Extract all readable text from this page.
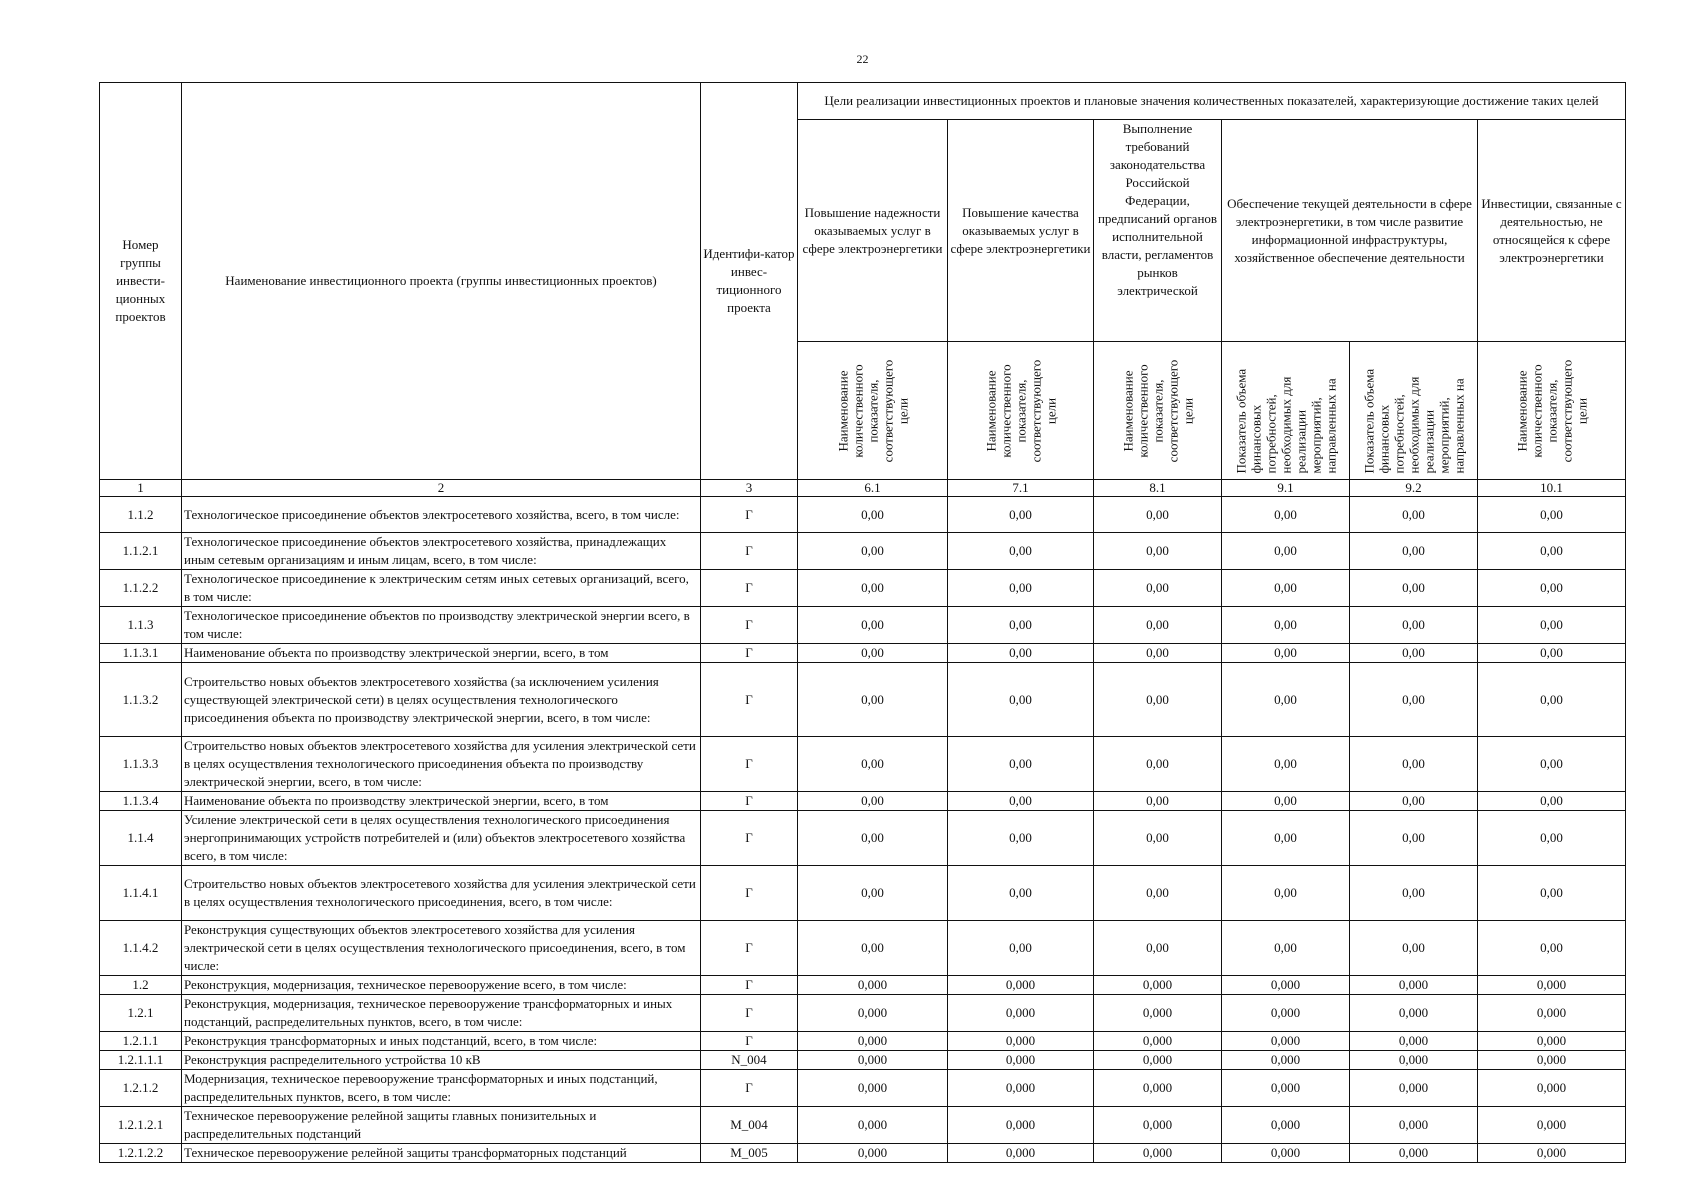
22
Номер группы инвести-ционных проектов	Наименование инвестиционного проекта (группы инвестиционных проектов)	Идентифи-катор инвес-тиционного проекта	Цели реализации инвестиционных проектов и плановые значения количественных показателей, характеризующие достижение таких целей					
			Повышение надежности оказываемых услуг в сфере электроэнергетики	Повышение качества оказываемых услуг в сфере электроэнергетики	Выполнение требований законодательства Российской Федерации, предписаний органов исполнительной власти, регламентов рынков электрической	Обеспечение текущей деятельности в сфере электроэнергетики, в том числе развитие информационной инфраструктуры, хозяйственное обеспечение деятельности		Инвестиции, связанные с деятельностью, не относящейся к сфере электроэнергетики

			Наименование количественного показателя, соответствующего цели	Наименование количественного показателя, соответствующего цели	Наименование количественного показателя, соответствующего цели	Показатель объема финансовых потребностей, необходимых для реализации мероприятий, направленных на	Показатель объема финансовых потребностей, необходимых для реализации мероприятий, направленных на	Наименование количественного показателя, соответствующего цели

1	2	3	6.1	7.1	8.1	9.1	9.2	10.1
1.1.2	Технологическое присоединение объектов электросетевого хозяйства, всего, в том числе:	Г	0,00	0,00	0,00	0,00	0,00	0,00
1.1.2.1	Технологическое присоединение объектов электросетевого хозяйства, принадлежащих иным сетевым организациям и иным лицам, всего, в том числе:	Г	0,00	0,00	0,00	0,00	0,00	0,00
1.1.2.2	Технологическое присоединение к электрическим сетям иных сетевых организаций, всего, в том числе:	Г	0,00	0,00	0,00	0,00	0,00	0,00
1.1.3	Технологическое присоединение объектов по производству электрической энергии всего, в том числе:	Г	0,00	0,00	0,00	0,00	0,00	0,00
1.1.3.1	Наименование объекта по производству электрической энергии, всего, в том	Г	0,00	0,00	0,00	0,00	0,00	0,00
1.1.3.2	Строительство новых объектов электросетевого хозяйства (за исключением усиления существующей электрической сети) в целях осуществления технологического присоединения объекта по производству электрической энергии, всего, в том числе:	Г	0,00	0,00	0,00	0,00	0,00	0,00
1.1.3.3	Строительство новых объектов электросетевого хозяйства для усиления электрической сети в целях осуществления технологического присоединения объекта по производству электрической энергии, всего, в том числе:	Г	0,00	0,00	0,00	0,00	0,00	0,00
1.1.3.4	Наименование объекта по производству электрической энергии, всего, в том	Г	0,00	0,00	0,00	0,00	0,00	0,00
1.1.4	Усиление электрической сети в целях осуществления технологического присоединения энергопринимающих устройств потребителей и (или) объектов электросетевого хозяйства всего, в том числе:	Г	0,00	0,00	0,00	0,00	0,00	0,00
1.1.4.1	Строительство новых объектов электросетевого хозяйства для усиления электрической сети в целях осуществления технологического присоединения, всего, в том числе:	Г	0,00	0,00	0,00	0,00	0,00	0,00
1.1.4.2	Реконструкция существующих объектов электросетевого хозяйства для усиления электрической сети в целях осуществления технологического присоединения, всего, в том числе:	Г	0,00	0,00	0,00	0,00	0,00	0,00
1.2	Реконструкция, модернизация, техническое перевооружение всего, в том числе:	Г	0,000	0,000	0,000	0,000	0,000	0,000
1.2.1	Реконструкция, модернизация, техническое перевооружение трансформаторных и иных подстанций, распределительных пунктов, всего, в том числе:	Г	0,000	0,000	0,000	0,000	0,000	0,000
1.2.1.1	Реконструкция трансформаторных и иных подстанций, всего, в том числе:	Г	0,000	0,000	0,000	0,000	0,000	0,000
1.2.1.1.1	Реконструкция распределительного устройства 10 кВ	N_004	0,000	0,000	0,000	0,000	0,000	0,000
1.2.1.2	Модернизация, техническое перевооружение трансформаторных и иных подстанций, распределительных пунктов, всего, в том числе:	Г	0,000	0,000	0,000	0,000	0,000	0,000
1.2.1.2.1	Техническое перевооружение релейной защиты главных понизительных и распределительных подстанций	M_004	0,000	0,000	0,000	0,000	0,000	0,000
1.2.1.2.2	Техническое перевооружение релейной защиты трансформаторных подстанций	M_005	0,000	0,000	0,000	0,000	0,000	0,000
